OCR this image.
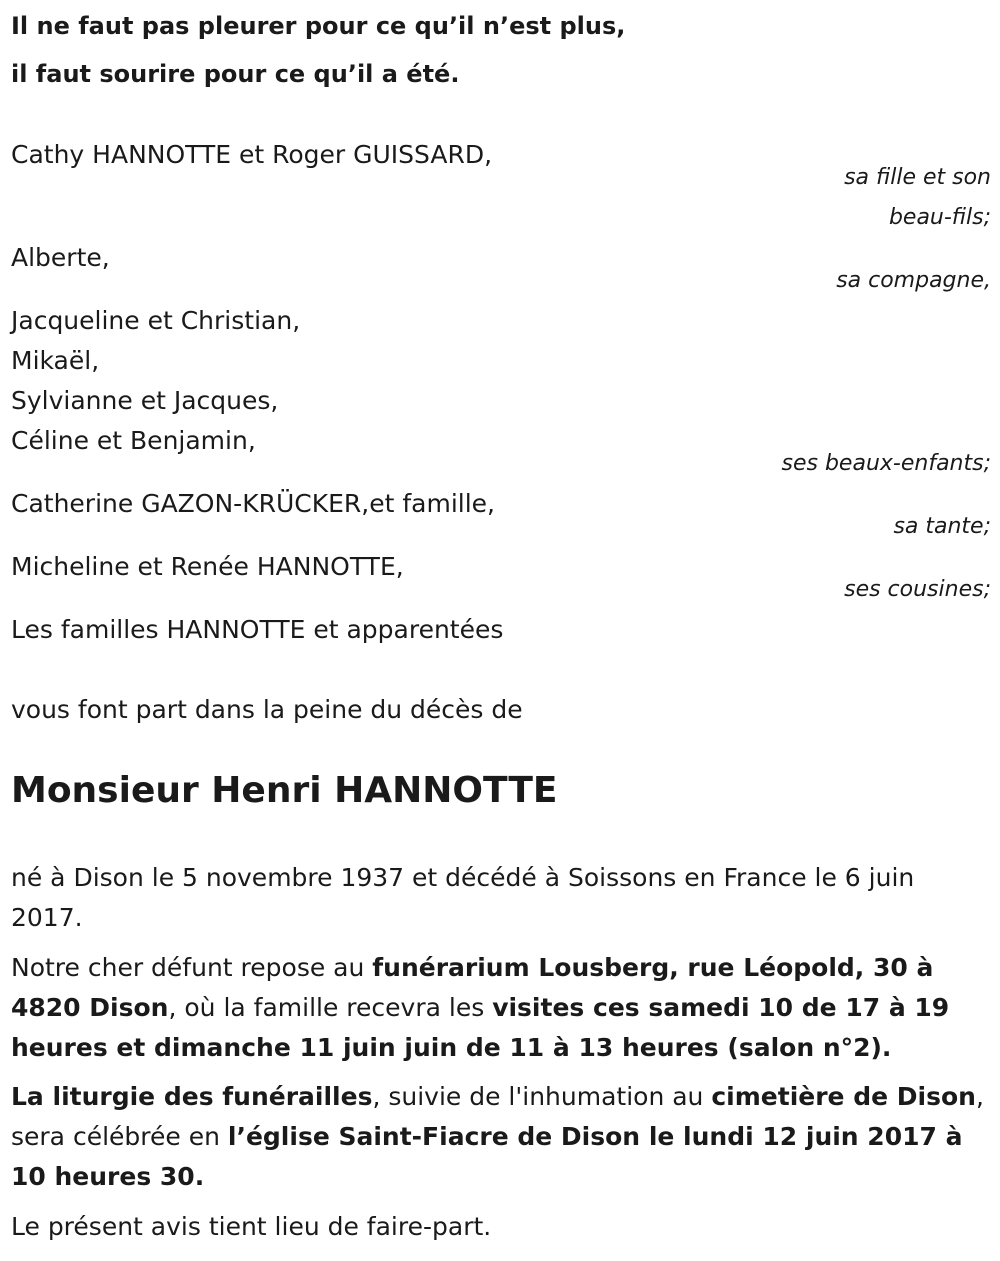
Il ne faut pas pleurer pour ce qu’il n’est plus,
il faut sourire pour ce qu’il a été.
Cathy HANNOTTE et Roger GUISSARD,
sa fille et son
beau-fils;
Alberte,
sa compagne,
Jacqueline et Christian,
Mikaël,
Sylvianne et Jacques,
Céline et Benjamin,
ses beaux-enfants;
Catherine GAZON-KRÜCKER,et famille,
sa tante;
Micheline et Renée HANNOTTE,
ses cousines;
Les familles HANNOTTE et apparentées
vous font part dans la peine du décès de
Monsieur Henri HANNOTTE
né à Dison le 5 novembre 1937 et décédé à Soissons en France le 6 juin 2017.
Notre cher défunt repose au funérarium Lousberg, rue Léopold, 30 à 4820 Dison, où la famille recevra les visites ces samedi 10 de 17 à 19 heures et dimanche 11 juin juin de 11 à 13 heures (salon n°2).
La liturgie des funérailles, suivie de l'inhumation au cimetière de Dison, sera célébrée en l’église Saint-Fiacre de Dison le lundi 12 juin 2017 à 10 heures 30.
Le présent avis tient lieu de faire-part.
